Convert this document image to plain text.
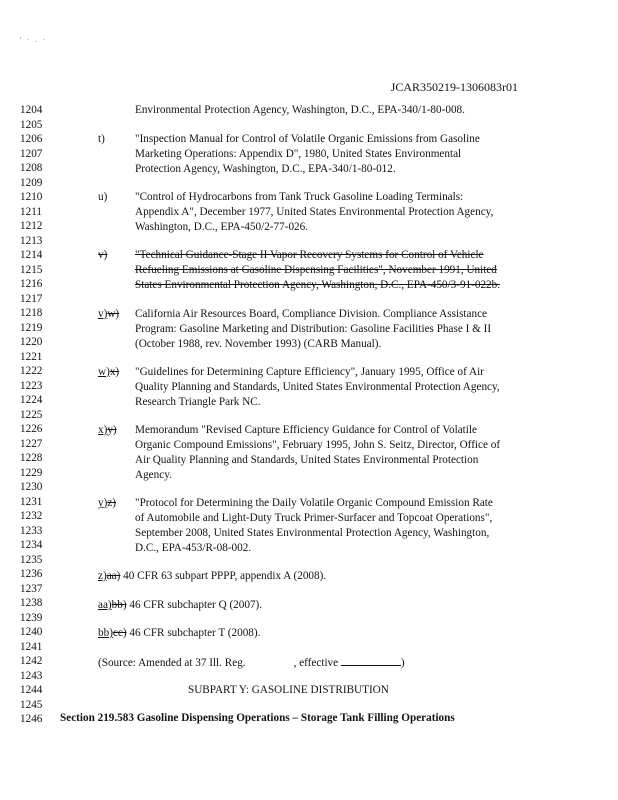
' · . ·
JCAR350219-1306083r01
1204
1205
1206
1207
1208
1209
1210
1211
1212
1213
1214
1215
1216
1217
1218
1219
1220
1221
1222
1223
1224
1225
1226
1227
1228
1229
1230
1231
1232
1233
1234
1235
1236
1237
1238
1239
1240
1241
1242
1243
1244
1245
1246
Environmental Protection Agency, Washington, D.C., EPA-340/1-80-008.
t)	"Inspection Manual for Control of Volatile Organic Emissions from Gasoline
Marketing Operations: Appendix D", 1980, United States Environmental
Protection Agency, Washington, D.C., EPA-340/1-80-012.
u) "Control of Hydrocarbons from Tank Truck Gasoline Loading Terminals:
Appendix A", December 1977, United States Environmental Protection Agency,
Washington, D.C., EPA-450/2-77-026.
v) "Technical Guidance-Stage II Vapor Recovery Systems for Control of Vehicle
Refueling Emissions at Gasoline Dispensing Facilities", November 1991, United
States Environmental Protection Agency, Washington, D.C., EPA-450/3-91-022b.
v)w) California Air Resources Board, Compliance Division. Compliance Assistance
Program: Gasoline Marketing and Distribution: Gasoline Facilities Phase I & II
(October 1988, rev. November 1993) (CARB Manual).
w)x) "Guidelines for Determining Capture Efficiency", January 1995, Office of Air
Quality Planning and Standards, United States Environmental Protection Agency,
Research Triangle Park NC.
x)y) Memorandum "Revised Capture Efficiency Guidance for Control of Volatile
Organic Compound Emissions", February 1995, John S. Seitz, Director, Office of
Air Quality Planning and Standards, United States Environmental Protection
Agency.
y)z) "Protocol for Determining the Daily Volatile Organic Compound Emission Rate
of Automobile and Light-Duty Truck Primer-Surfacer and Topcoat Operations",
September 2008, United States Environmental Protection Agency, Washington,
D.C., EPA-453/R-08-002.
z)aa) 40 CFR 63 subpart PPPP, appendix A (2008).
aa)bb) 46 CFR subchapter Q (2007).
bb)cc) 46 CFR subchapter T (2008).
(Source: Amended at 37 Ill. Reg.	, effective	)
SUBPART Y: GASOLINE DISTRIBUTION
Section 219.583 Gasoline Dispensing Operations – Storage Tank Filling Operations
